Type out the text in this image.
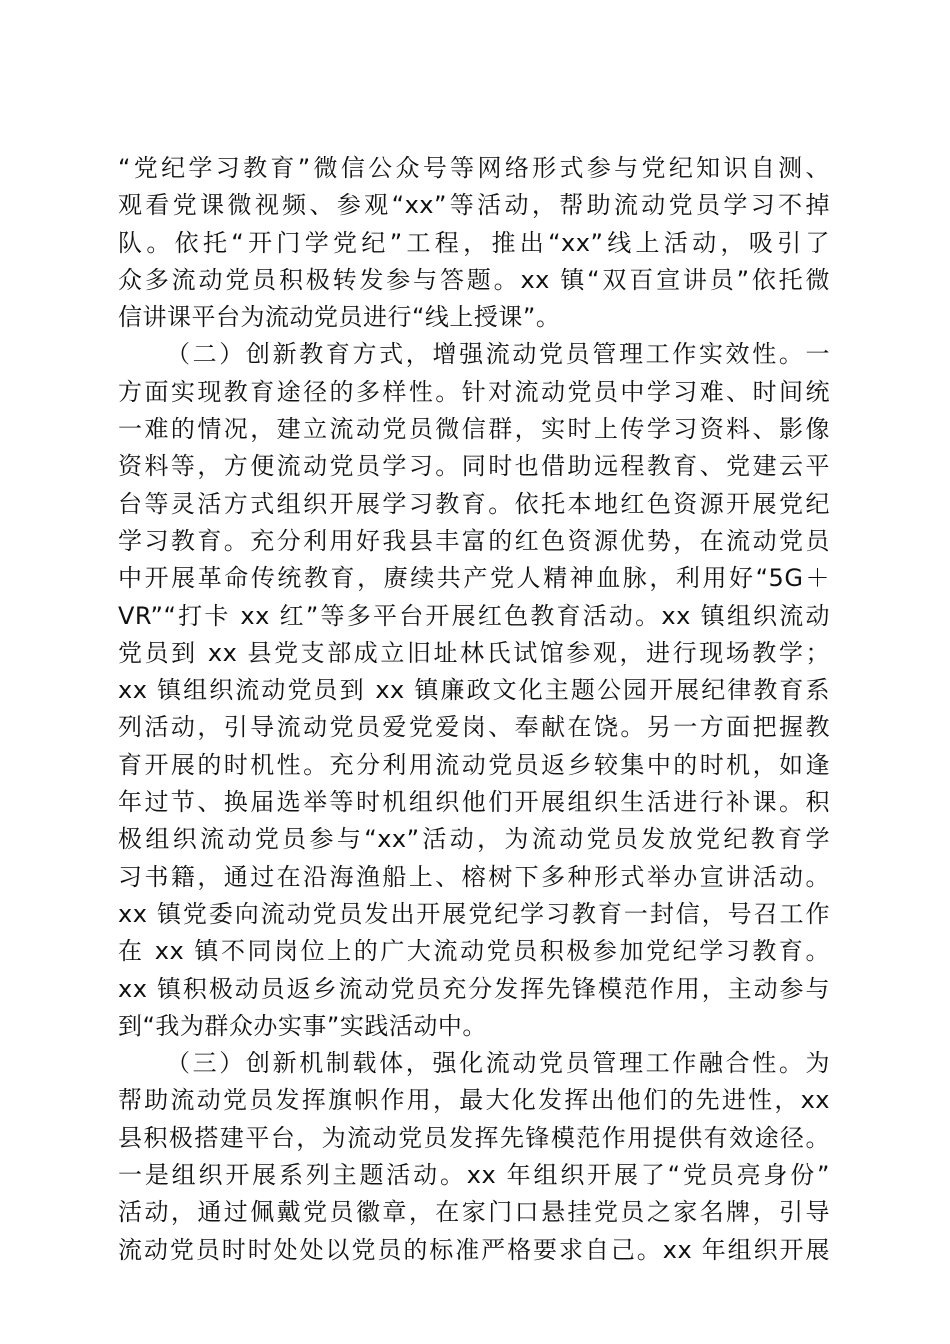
“党纪学习教育”微信公众号等网络形式参与党纪知识自测、
观看党课微视频、参观“xx”等活动，帮助流动党员学习不掉
队。依托“开门学党纪”工程，推出“xx”线上活动，吸引了
众多流动党员积极转发参与答题。xx 镇“双百宣讲员”依托微
信讲课平台为流动党员进行“线上授课”。
（二）创新教育方式，增强流动党员管理工作实效性。一
方面实现教育途径的多样性。针对流动党员中学习难、时间统
一难的情况，建立流动党员微信群，实时上传学习资料、影像
资料等，方便流动党员学习。同时也借助远程教育、党建云平
台等灵活方式组织开展学习教育。依托本地红色资源开展党纪
学习教育。充分利用好我县丰富的红色资源优势，在流动党员
中开展革命传统教育，赓续共产党人精神血脉，利用好“5G＋
VR”“打卡 xx 红”等多平台开展红色教育活动。xx 镇组织流动
党员到 xx 县党支部成立旧址林氏试馆参观，进行现场教学；
xx 镇组织流动党员到 xx 镇廉政文化主题公园开展纪律教育系
列活动，引导流动党员爱党爱岗、奉献在饶。另一方面把握教
育开展的时机性。充分利用流动党员返乡较集中的时机，如逢
年过节、换届选举等时机组织他们开展组织生活进行补课。积
极组织流动党员参与“xx”活动，为流动党员发放党纪教育学
习书籍，通过在沿海渔船上、榕树下多种形式举办宣讲活动。
xx 镇党委向流动党员发出开展党纪学习教育一封信，号召工作
在 xx 镇不同岗位上的广大流动党员积极参加党纪学习教育。
xx 镇积极动员返乡流动党员充分发挥先锋模范作用，主动参与
到“我为群众办实事”实践活动中。
（三）创新机制载体，强化流动党员管理工作融合性。为
帮助流动党员发挥旗帜作用，最大化发挥出他们的先进性，xx
县积极搭建平台，为流动党员发挥先锋模范作用提供有效途径。
一是组织开展系列主题活动。xx 年组织开展了“党员亮身份”
活动，通过佩戴党员徽章，在家门口悬挂党员之家名牌，引导
流动党员时时处处以党员的标准严格要求自己。xx 年组织开展
